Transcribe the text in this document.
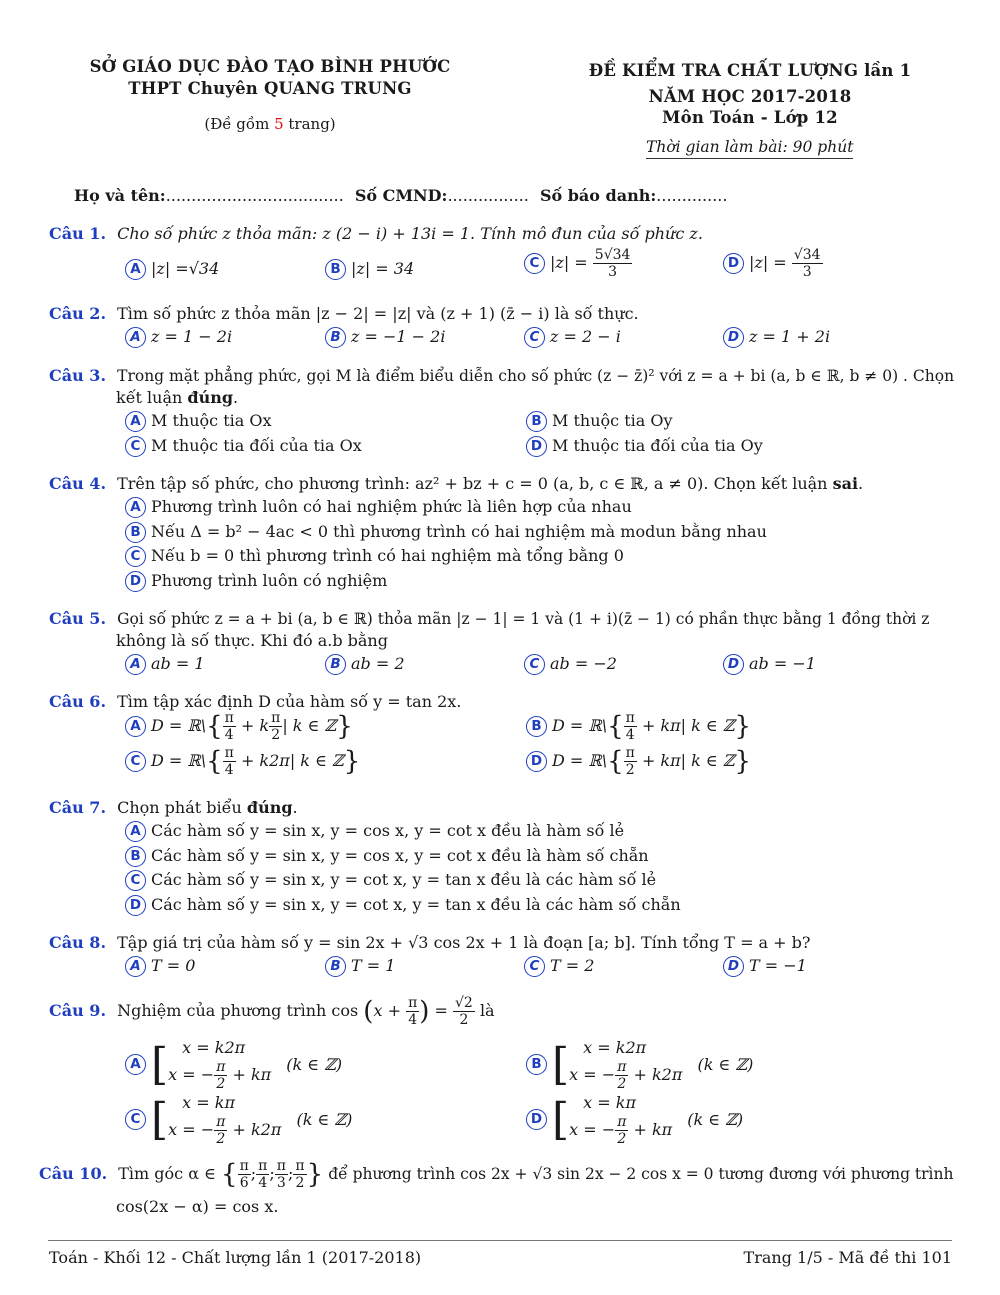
SỞ GIÁO DỤC ĐÀO TẠO BÌNH PHƯỚC
THPT Chuyên QUANG TRUNG
(Đề gồm 5 trang)
ĐỀ KIỂM TRA CHẤT LƯỢNG lần 1
NĂM HỌC 2017-2018
Môn Toán - Lớp 12
Thời gian làm bài: 90 phút
Họ và tên:................................... Số CMND:................ Số báo danh:..............
Câu 1. Cho số phức z thỏa mãn: z (2 − i) + 13i = 1. Tính mô đun của số phức z.
A |z| =√34	B |z| = 34	C $|z| = \frac{5√34}{3}$	D $|z| = \frac{√34}{3}$
Câu 2. Tìm số phức z thỏa mãn |z − 2| = |z| và (z + 1) (z̄ − i) là số thực.
A z = 1 − 2i	B z = −1 − 2i	C z = 2 − i	D z = 1 + 2i
Câu 3. Trong mặt phẳng phức, gọi M là điểm biểu diễn cho số phức (z − z̄)² với z = a + bi (a, b ∈ ℝ, b ≠ 0) . Chọn
kết luận đúng.
A M thuộc tia Ox	B M thuộc tia Oy
C M thuộc tia đối của tia Ox	D M thuộc tia đối của tia Oy
Câu 4. Trên tập số phức, cho phương trình: az² + bz + c = 0 (a, b, c ∈ ℝ, a ≠ 0). Chọn kết luận sai.
A Phương trình luôn có hai nghiệm phức là liên hợp của nhau
B Nếu Δ = b² − 4ac < 0 thì phương trình có hai nghiệm mà modun bằng nhau
C Nếu b = 0 thì phương trình có hai nghiệm mà tổng bằng 0
D Phương trình luôn có nghiệm
Câu 5. Gọi số phức z = a + bi (a, b ∈ ℝ) thỏa mãn |z − 1| = 1 và (1 + i)(z̄ − 1) có phần thực bằng 1 đồng thời z
không là số thực. Khi đó a.b bằng
A ab = 1	B ab = 2	C ab = −2	D ab = −1
Câu 6. Tìm tập xác định D của hàm số y = tan 2x.
A D = ℝ\{ $\frac{\pi}{4} + k \frac{\pi}{2}$ | k ∈ ℤ}	B D = ℝ\{ $\frac{\pi}{4} + k\pi|$ k ∈ ℤ}
C D = ℝ\{ $\frac{\pi}{4} + k2\pi|$ k ∈ ℤ}	D D = ℝ\{ $\frac{\pi}{2} + k\pi|$ k ∈ ℤ}
Câu 7. Chọn phát biểu đúng.
A Các hàm số y = sin x, y = cos x, y = cot x đều là hàm số lẻ
B Các hàm số y = sin x, y = cos x, y = cot x đều là hàm số chẵn
C Các hàm số y = sin x, y = cot x, y = tan x đều là các hàm số lẻ
D Các hàm số y = sin x, y = cot x, y = tan x đều là các hàm số chẵn
Câu 8. Tập giá trị của hàm số y = sin 2x + √3 cos 2x + 1 là đoạn [a; b]. Tính tổng T = a + b?
A T = 0	B T = 1	C T = 2	D T = −1
Câu 9. Nghiệm của phương trình $\cos (x + \frac{\pi}{4}$ ) = $\frac{√2}{2}$ là
A [ x = k2π
x = − $\frac{\pi}{2} + k\pi$
(k ∈ ℤ)	B [ x = k2π
x = − $\frac{\pi}{2} + k2\pi$
(k ∈ ℤ)
C [ x = kπ
x = − $\frac{\pi}{2} + k2\pi$
(k ∈ ℤ)	D [ x = kπ
x = − $\frac{\pi}{2} + k\pi$
(k ∈ ℤ)
Câu 10. Tìm góc α ∈ { $\frac{\pi}{6}$ ; $\frac{\pi}{4}$ ; $\frac{\pi}{3}$ ; $\frac{\pi}{2}$ } để phương trình cos 2x + √3 sin 2x − 2 cos x = 0 tương đương với phương trình
cos(2x − α) = cos x.
Toán - Khối 12 - Chất lượng lần 1 (2017-2018)	Trang 1/5 - Mã đề thi 101
